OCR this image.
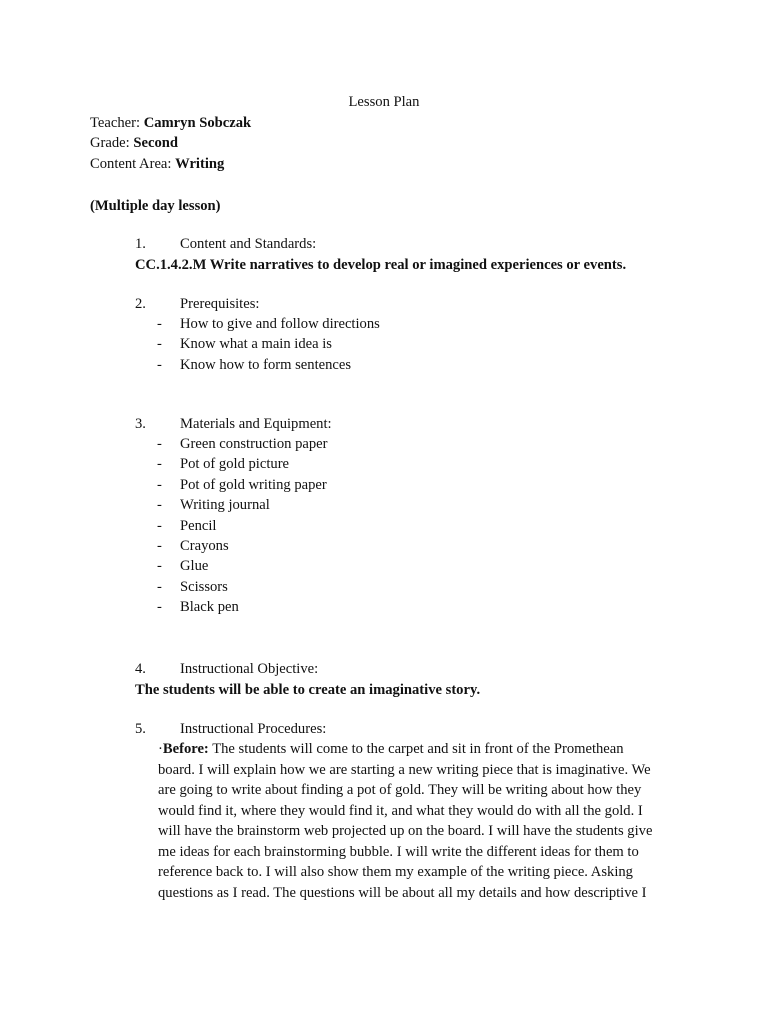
Lesson Plan
Teacher: Camryn Sobczak
Grade: Second
Content Area: Writing
(Multiple day lesson)
1. Content and Standards:
CC.1.4.2.M Write narratives to develop real or imagined experiences or events.
2. Prerequisites:
- How to give and follow directions
- Know what a main idea is
- Know how to form sentences
3. Materials and Equipment:
- Green construction paper
- Pot of gold picture
- Pot of gold writing paper
- Writing journal
- Pencil
- Crayons
- Glue
- Scissors
- Black pen
4. Instructional Objective:
The students will be able to create an imaginative story.
5. Instructional Procedures:
·Before: The students will come to the carpet and sit in front of the Promethean
board. I will explain how we are starting a new writing piece that is imaginative. We
are going to write about finding a pot of gold. They will be writing about how they
would find it, where they would find it, and what they would do with all the gold. I
will have the brainstorm web projected up on the board. I will have the students give
me ideas for each brainstorming bubble. I will write the different ideas for them to
reference back to. I will also show them my example of the writing piece. Asking
questions as I read. The questions will be about all my details and how descriptive I
